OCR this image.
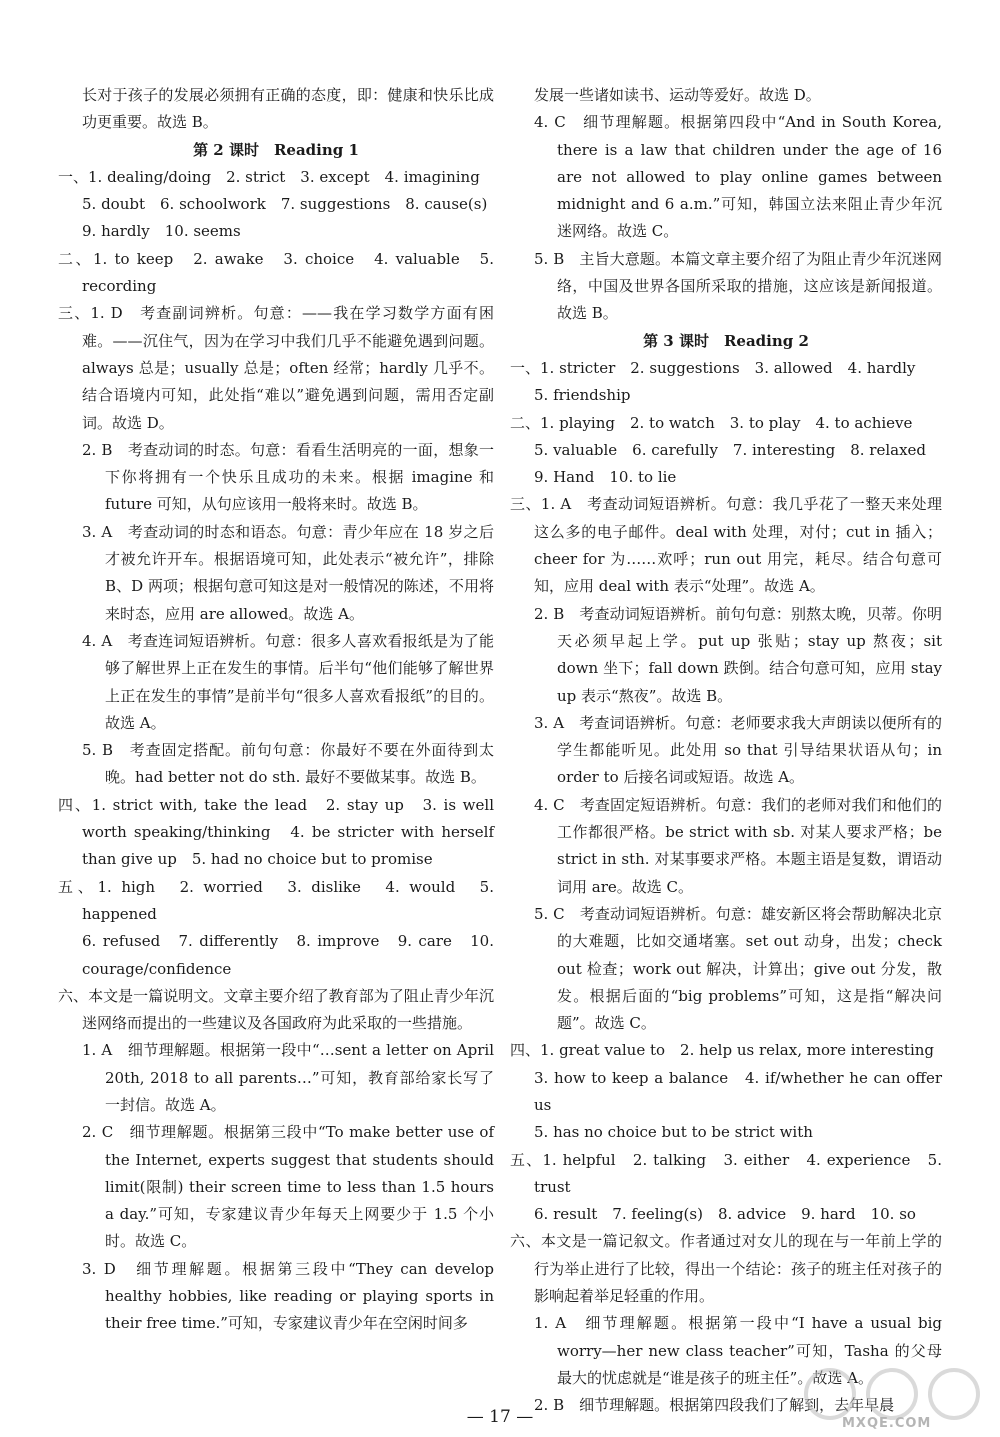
长对于孩子的发展必须拥有正确的态度，即：健康和快乐比成功更重要。故选 B。

第 2 课时　Reading 1

一、1. dealing/doing　2. strict　3. except　4. imagining

5. doubt　6. schoolwork　7. suggestions　8. cause(s)

9. hardly　10. seems

二、1. to keep　2. awake　3. choice　4. valuable　5. recording

三、1. D　考查副词辨析。句意：——我在学习数学方面有困难。——沉住气，因为在学习中我们几乎不能避免遇到问题。always 总是；usually 总是；often 经常；hardly 几乎不。结合语境内可知，此处指“难以”避免遇到问题，需用否定副词。故选 D。

2. B　考查动词的时态。句意：看看生活明亮的一面，想象一下你将拥有一个快乐且成功的未来。根据 imagine 和 future 可知，从句应该用一般将来时。故选 B。

3. A　考查动词的时态和语态。句意：青少年应在 18 岁之后才被允许开车。根据语境可知，此处表示“被允许”，排除 B、D 两项；根据句意可知这是对一般情况的陈述，不用将来时态，应用 are allowed。故选 A。

4. A　考查连词短语辨析。句意：很多人喜欢看报纸是为了能够了解世界上正在发生的事情。后半句“他们能够了解世界上正在发生的事情”是前半句“很多人喜欢看报纸”的目的。故选 A。

5. B　考查固定搭配。前句句意：你最好不要在外面待到太晚。had better not do sth. 最好不要做某事。故选 B。

四、1. strict with, take the lead　2. stay up　3. is well worth speaking/thinking　4. be stricter with herself than give up　5. had no choice but to promise

五、1. high　2. worried　3. dislike　4. would　5. happened

6. refused　7. differently　8. improve　9. care　10. courage/confidence

六、本文是一篇说明文。文章主要介绍了教育部为了阻止青少年沉迷网络而提出的一些建议及各国政府为此采取的一些措施。

1. A　细节理解题。根据第一段中“…sent a letter on April 20th, 2018 to all parents…”可知，教育部给家长写了一封信。故选 A。

2. C　细节理解题。根据第三段中“To make better use of the Internet, experts suggest that students should limit(限制) their screen time to less than 1.5 hours a day.”可知，专家建议青少年每天上网要少于 1.5 个小时。故选 C。

3. D　细节理解题。根据第三段中“They can develop healthy hobbies, like reading or playing sports in their free time.”可知，专家建议青少年在空闲时间多

发展一些诸如读书、运动等爱好。故选 D。

4. C　细节理解题。根据第四段中“And in South Korea, there is a law that children under the age of 16 are not allowed to play online games between midnight and 6 a.m.”可知，韩国立法来阻止青少年沉迷网络。故选 C。

5. B　主旨大意题。本篇文章主要介绍了为阻止青少年沉迷网络，中国及世界各国所采取的措施，这应该是新闻报道。故选 B。

第 3 课时　Reading 2

一、1. stricter　2. suggestions　3. allowed　4. hardly

5. friendship

二、1. playing　2. to watch　3. to play　4. to achieve

5. valuable　6. carefully　7. interesting　8. relaxed

9. Hand　10. to lie

三、1. A　考查动词短语辨析。句意：我几乎花了一整天来处理这么多的电子邮件。deal with 处理，对付；cut in 插入；cheer for 为……欢呼；run out 用完，耗尽。结合句意可知，应用 deal with 表示“处理”。故选 A。

2. B　考查动词短语辨析。前句句意：别熬太晚，贝蒂。你明天必须早起上学。put up 张贴；stay up 熬夜；sit down 坐下；fall down 跌倒。结合句意可知，应用 stay up 表示“熬夜”。故选 B。

3. A　考查词语辨析。句意：老师要求我大声朗读以便所有的学生都能听见。此处用 so that 引导结果状语从句；in order to 后接名词或短语。故选 A。

4. C　考查固定短语辨析。句意：我们的老师对我们和他们的工作都很严格。be strict with sb. 对某人要求严格；be strict in sth. 对某事要求严格。本题主语是复数，谓语动词用 are。故选 C。

5. C　考查动词短语辨析。句意：雄安新区将会帮助解决北京的大难题，比如交通堵塞。set out 动身，出发；check out 检查；work out 解决，计算出；give out 分发，散发。根据后面的“big problems”可知，这是指“解决问题”。故选 C。

四、1. great value to　2. help us relax, more interesting

3. how to keep a balance　4. if/whether he can offer us

5. has no choice but to be strict with

五、1. helpful　2. talking　3. either　4. experience　5. trust

6. result　7. feeling(s)　8. advice　9. hard　10. so

六、本文是一篇记叙文。作者通过对女儿的现在与一年前上学的行为举止进行了比较，得出一个结论：孩子的班主任对孩子的影响起着举足轻重的作用。

1. A　细节理解题。根据第一段中“I have a usual big worry—her new class teacher”可知，Tasha 的父母最大的忧虑就是“谁是孩子的班主任”。故选 A。

2. B　细节理解题。根据第四段我们了解到，去年早晨

— 17 —	MXQE.COM
